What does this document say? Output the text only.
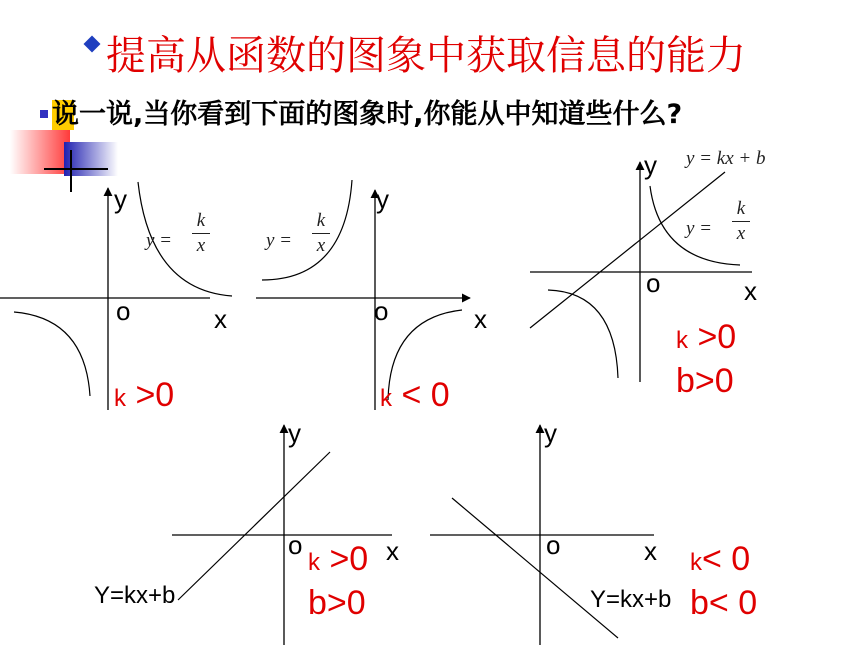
提高从函数的图象中获取信息的能力
说一说,当你看到下面的图象时,你能从中知道些什么?
y =
k
x	y =
k
x
y =
k
x
y = kx + b
y
o	x
k >0
y
o	x
k < 0
y
o	x
k >0
b>0
y
o	x
k >0
b>0
Y=kx+b
y
o	x k< 0
b< 0
Y=kx+b
